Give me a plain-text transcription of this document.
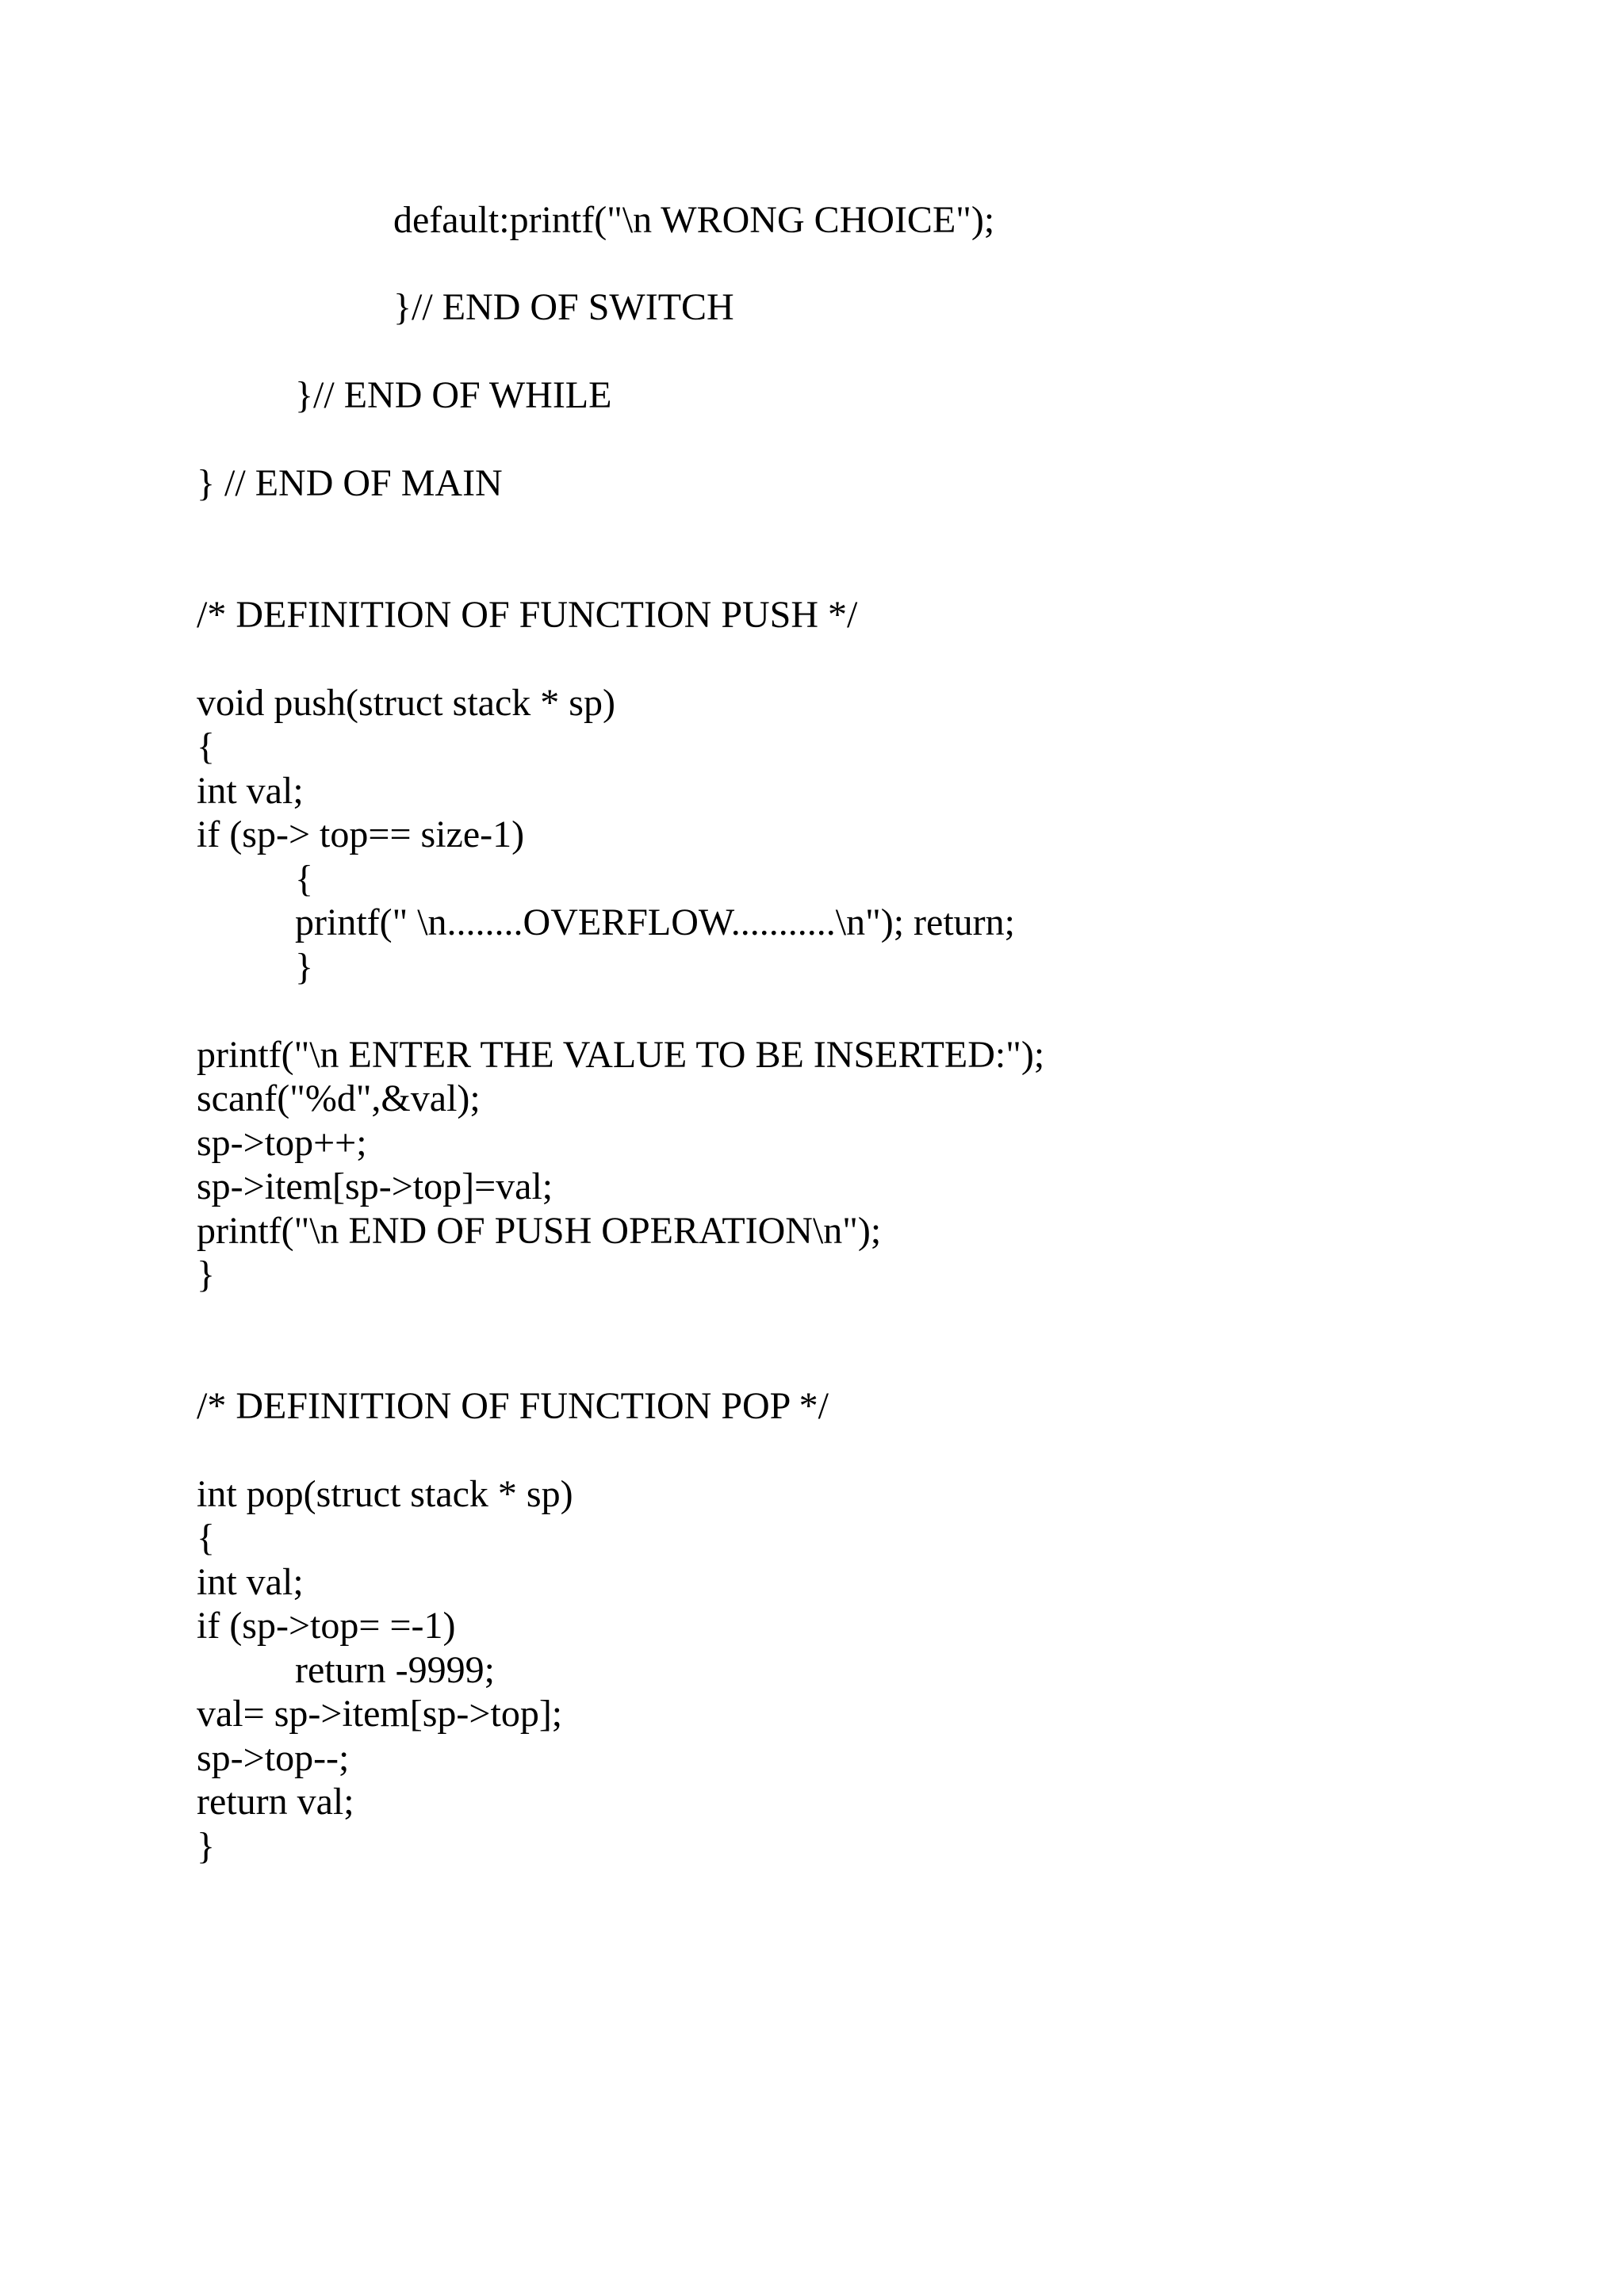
default:printf("\n WRONG CHOICE");
}// END OF SWITCH
}// END OF WHILE
} // END OF MAIN
/* DEFINITION OF FUNCTION PUSH */
void push(struct stack * sp)
{
int val;
if (sp-> top== size-1)
{
printf(" \n........OVERFLOW...........\n"); return;
}
printf("\n ENTER THE VALUE TO BE INSERTED:");
scanf("%d",&val);
sp->top++;
sp->item[sp->top]=val;
printf("\n END OF PUSH OPERATION\n");
}
/* DEFINITION OF FUNCTION POP */
int pop(struct stack * sp)
{
int val;
if (sp->top= =-1)
return -9999;
val= sp->item[sp->top];
sp->top--;
return val;
}
